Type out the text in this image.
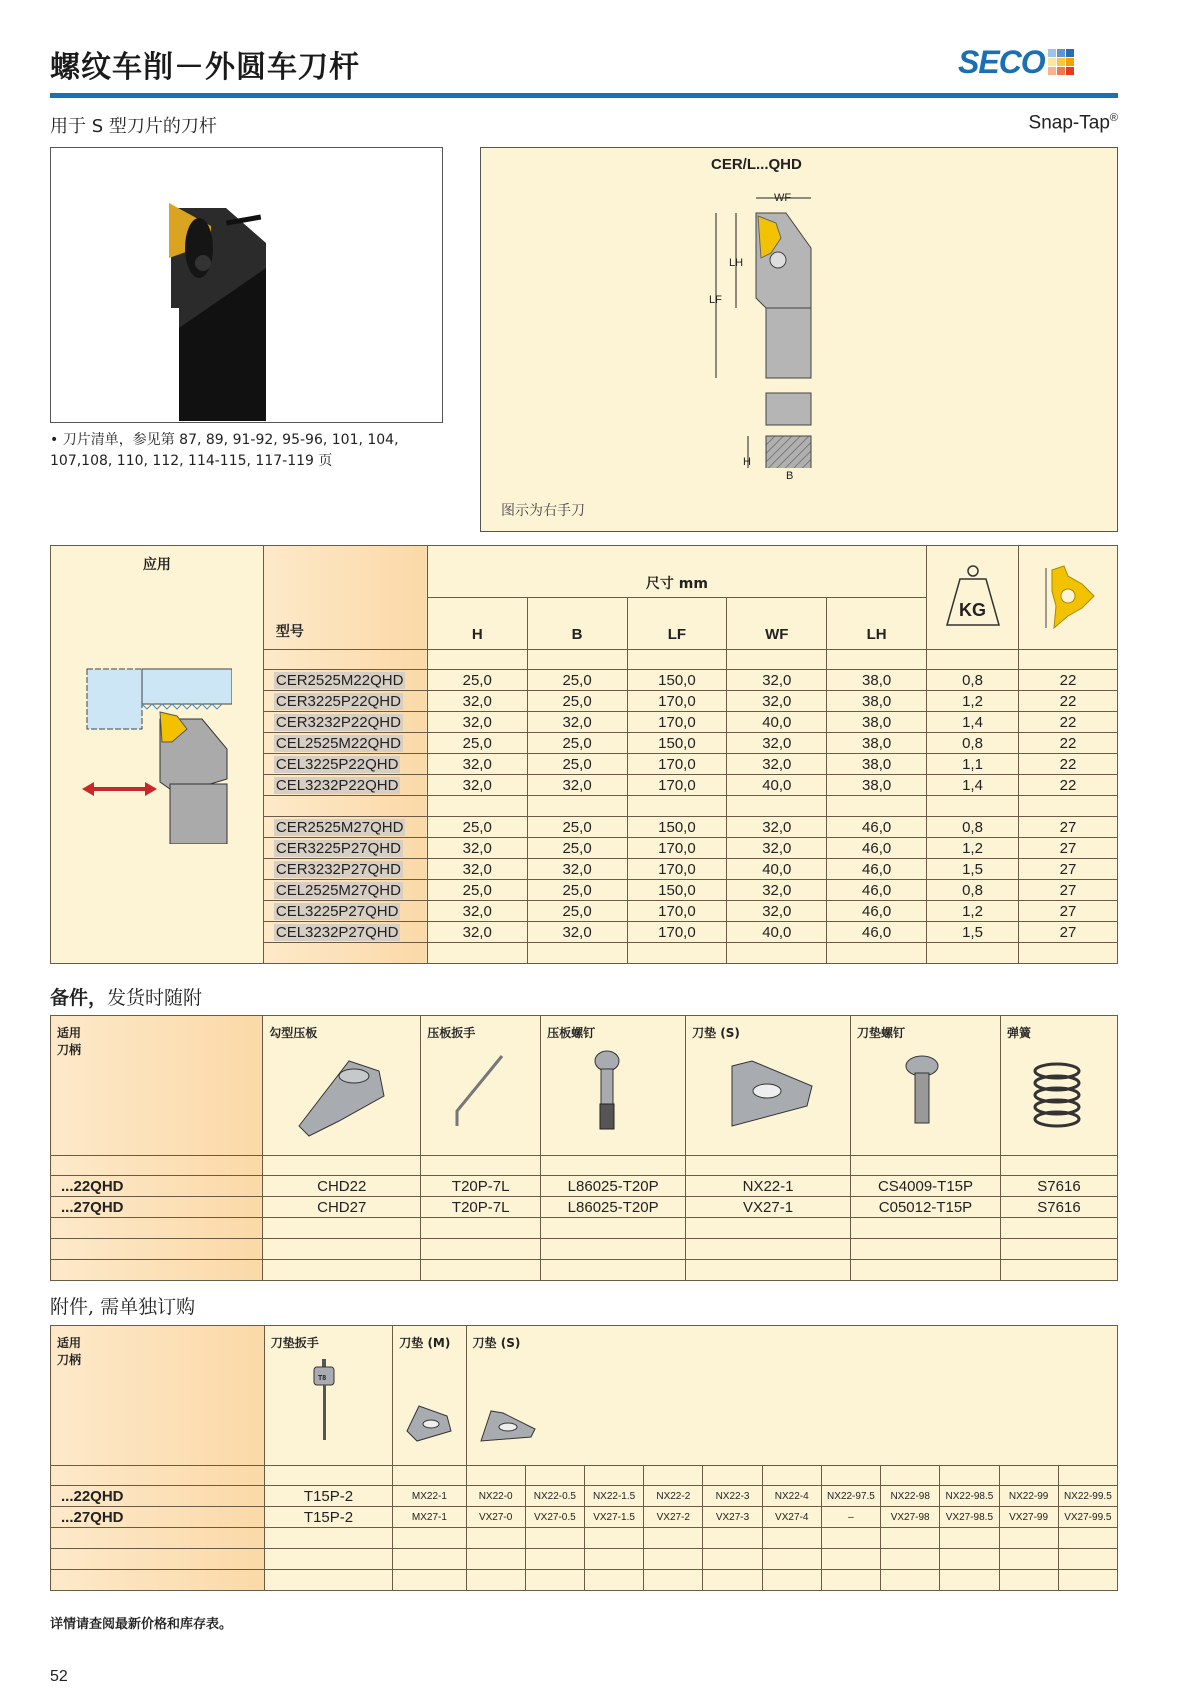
螺纹车削－外圆车刀杆	SECO
用于 S 型刀片的刀杆	Snap-Tap®
• 刀片清单，参见第 87, 89, 91-92, 95-96, 101, 104, 107,108, 110, 112, 114-115, 117-119 页
CER/L...QHD
WF
LF
LH
H
B
图示为右手刀
应用	型号	尺寸 mm					KG

		H	B	LF	WF	LH		

	CER2525M22QHD	25,0	25,0	150,0	32,0	38,0	0,8	22
	CER3225P22QHD	32,0	25,0	170,0	32,0	38,0	1,2	22
	CER3232P22QHD	32,0	32,0	170,0	40,0	38,0	1,4	22
	CEL2525M22QHD	25,0	25,0	150,0	32,0	38,0	0,8	22
	CEL3225P22QHD	32,0	25,0	170,0	32,0	38,0	1,1	22
	CEL3232P22QHD	32,0	32,0	170,0	40,0	38,0	1,4	22

	CER2525M27QHD	25,0	25,0	150,0	32,0	46,0	0,8	27
	CER3225P27QHD	32,0	25,0	170,0	32,0	46,0	1,2	27
	CER3232P27QHD	32,0	32,0	170,0	40,0	46,0	1,5	27
	CEL2525M27QHD	25,0	25,0	150,0	32,0	46,0	0,8	27
	CEL3225P27QHD	32,0	25,0	170,0	32,0	46,0	1,2	27
	CEL3232P27QHD	32,0	32,0	170,0	40,0	46,0	1,5	27

备件，发货时随附
适用
刀柄	勾型压板	压板扳手	压板螺钉	刀垫 (S)	刀垫螺钉	弹簧

...22QHD	CHD22	T20P-7L	L86025-T20P	NX22-1	CS4009-T15P	S7616
...27QHD	CHD27	T20P-7L	L86025-T20P	VX27-1	C05012-T15P	S7616

附件, 需单独订购
适用
刀柄

刀垫扳手
T8

刀垫 (M)	刀垫 (S)

...22QHD	T15P-2	MX22-1	NX22-0	NX22-0.5	NX22-1.5	NX22-2	NX22-3	NX22-4	NX22-97.5	NX22-98	NX22-98.5	NX22-99	NX22-99.5
...27QHD	T15P-2	MX27-1	VX27-0	VX27-0.5	VX27-1.5	VX27-2	VX27-3	VX27-4	–	VX27-98	VX27-98.5	VX27-99	VX27-99.5

详情请查阅最新价格和库存表。
52
